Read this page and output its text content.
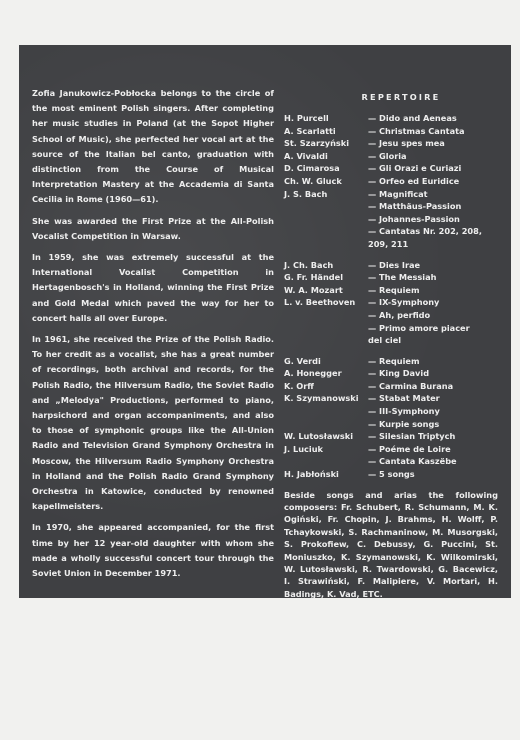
Zofia Janukowicz-Pobłocka belongs to the circle of the most eminent Polish singers. After completing her music studies in Poland (at the Sopot Higher School of Music), she perfected her vocal art at the source of the Italian bel canto, graduation with distinction from the Course of Musical Interpretation Mastery at the Accademia di Santa Cecilia in Rome (1960—61).

She was awarded the First Prize at the All-Polish Vocalist Competition in Warsaw.

In 1959, she was extremely successful at the International Vocalist Competition in Hertagenbosch's in Holland, winning the First Prize and Gold Medal which paved the way for her to concert halls all over Europe.

In 1961, she received the Prize of the Polish Radio. To her credit as a vocalist, she has a great number of recordings, both archival and records, for the Polish Radio, the Hilversum Radio, the Soviet Radio and „Melodya" Productions, performed to piano, harpsichord and organ accompaniments, and also to those of symphonic groups like the All-Union Radio and Television Grand Symphony Orchestra in Moscow, the Hilversum Radio Symphony Orchestra in Holland and the Polish Radio Grand Symphony Orchestra in Katowice, conducted by renowned kapellmeisters.

In 1970, she appeared accompanied, for the first time by her 12 year-old daughter with whom she made a wholly successful concert tour through the Soviet Union in December 1971.

REPERTOIRE
H. Purcell	— Dido and Aeneas
A. Scarlatti	— Christmas Cantata
St. Szarzyński	— Jesu spes mea
A. Vivaldi	— Gloria
D. Cimarosa	— Gli Orazi e Curiazi
Ch. W. Gluck	— Orfeo ed Euridice
J. S. Bach	— Magnificat
— Matthäus-Passion
— Johannes-Passion
— Cantatas Nr. 202, 208,
209, 211
J. Ch. Bach	— Dies Irae
G. Fr. Händel	— The Messiah
W. A. Mozart	— Requiem
L. v. Beethoven	— IX-Symphony
— Ah, perfido
— Primo amore piacer
del ciel
G. Verdi	— Requiem
A. Honegger	— King David
K. Orff	— Carmina Burana
K. Szymanowski	— Stabat Mater
— III-Symphony
— Kurpie songs
W. Lutosławski	— Silesian Triptych
J. Luciuk	— Poéme de Loire
— Cantata Kaszëbe
H. Jabłoński	— 5 songs
Beside songs and arias the following composers: Fr. Schubert, R. Schumann, M. K. Ogiński, Fr. Chopin, J. Brahms, H. Wolff, P. Tchaykowski, S. Rachmaninow, M. Musorgski, S. Prokofiew, C. Debussy, G. Puccini, St. Moniuszko, K. Szymanowski, K. Wilkomirski, W. Lutosławski, R. Twardowski, G. Bacewicz, I. Strawiński, F. Malipiere, V. Mortari, H. Badings, K. Vad, ETC.
